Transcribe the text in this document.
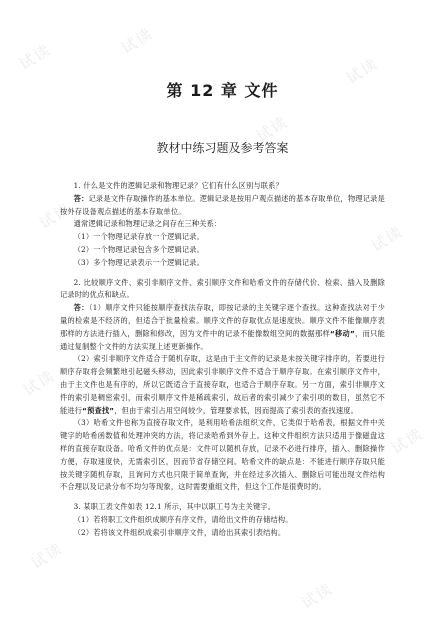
试读	试读
试读
试读
试读
试读
试读
试读
试读
试读
试读
试读
第 12 章 文件
教材中练习题及参考答案

1. 什么是文件的逻辑记录和物理记录？它们有什么区别与联系？

答：记录是文件存取操作的基本单位。逻辑记录是按用户观点描述的基本存取单位，物理记录是按外存设备观点描述的基本存取单位。

通常逻辑记录和物理记录之间存在三种关系：

（1）一个物理记录存放一个逻辑记录。

（2）一个物理记录包含多个逻辑记录。

（3）多个物理记录表示一个逻辑记录。

2. 比较顺序文件、索引非顺序文件、索引顺序文件和哈希文件的存储代价、检索、插入及删除记录时的优点和缺点。

答：（1）顺序文件只能按顺序查找法存取，即按记录的主关键字逐个查找。这种查找法对于少量的检索是不经济的，但适合于批量检索。顺序文件的存取优点是速度快。顺序文件不能像顺序表那样的方法进行插入，删除和修改，因为文件中的记录不能像数组空间的数据那样“移动”，而只能通过复制整个文件的方法实现上述更新操作。

（2）索引非顺序文件适合于随机存取，这是由于主文件的记录是未按关键字排序的，若要进行顺序存取将会频繁地引起磁头移动，因此索引非顺序文件不适合于顺序存取。在索引顺序文件中，由于主文件也是有序的，所以它既适合于直接存取，也适合于顺序存取。另一方面，索引非顺序文件的索引是稠密索引，而索引顺序文件是稀疏索引，故后者的索引减少了索引项的数目，虽然它不能进行“预查找”，但由于索引占用空间较少，管理要求低，因而提高了索引表的查找速度。

（3）哈希文件也称为直接存取文件，是利用哈希法组织文件，它类似于哈希表，根据文件中关键字的哈希函数值和处理冲突的方法，将记录哈希到外存上。这种文件组织方法只适用于像磁盘这样的直接存取设备。哈希文件的优点是：文件可以随机存放，记录不必进行排序，插入、删除操作方便，存取速度快，无需索引区，因而节省存储空间。哈希文件的缺点是：不能进行顺序存取只能按关键字随机存取，且询问方式也只限于简单查询，并在经过多次插入、删除后可能出现文件结构不合理以及记录分布不均匀等现象，这时需要重组文件，但这个工作是很费时的。

3. 某职工表文件如表 12.1 所示，其中以职工号为主关键字。

（1）若将职工文件组织成顺序有序文件，请给出文件的存储结构。

（2）若将该文件组织成索引非顺序文件，请给出其索引表结构。
